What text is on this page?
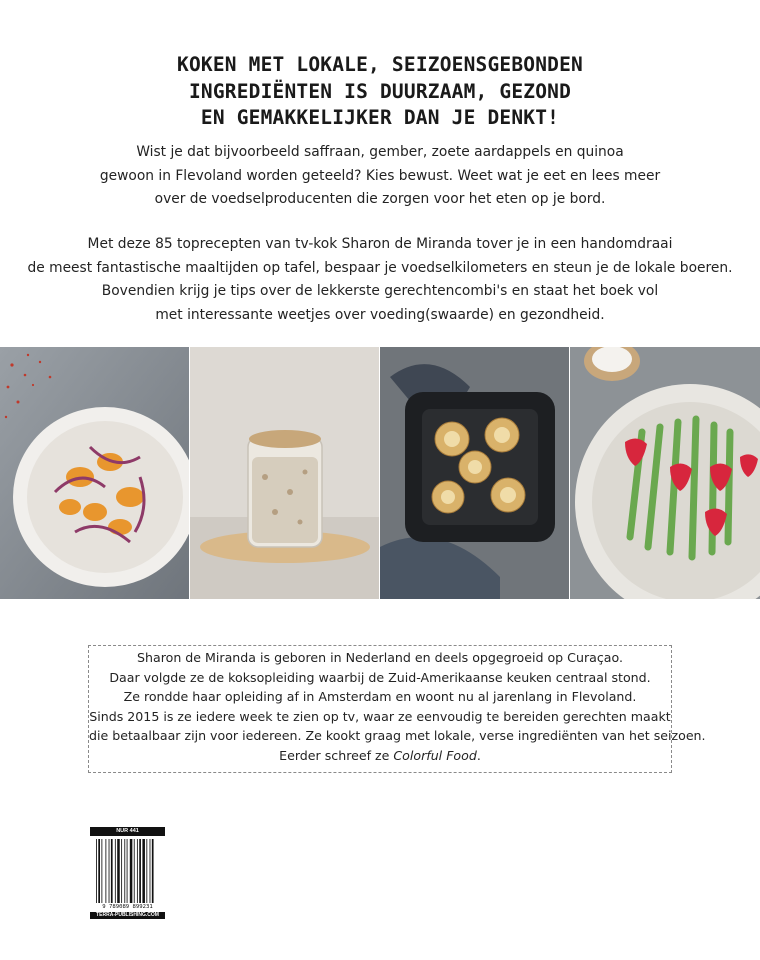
KOKEN MET LOKALE, SEIZOENSGEBONDEN
INGREDIËNTEN IS DUURZAAM, GEZOND
EN GEMAKKELIJKER DAN JE DENKT!
Wist je dat bijvoorbeeld saffraan, gember, zoete aardappels en quinoa
gewoon in Flevoland worden geteeld? Kies bewust. Weet wat je eet en lees meer
over de voedselproducenten die zorgen voor het eten op je bord.
Met deze 85 toprecepten van tv-kok Sharon de Miranda tover je in een handomdraai
de meest fantastische maaltijden op tafel, bespaar je voedselkilometers en steun je de lokale boeren.
Bovendien krijg je tips over de lekkerste gerechtencombi's en staat het boek vol
met interessante weetjes over voeding(swaarde) en gezondheid.
Sharon de Miranda is geboren in Nederland en deels opgegroeid op Curaçao.
Daar volgde ze de koksopleiding waarbij de Zuid-Amerikaanse keuken centraal stond.
Ze rondde haar opleiding af in Amsterdam en woont nu al jarenlang in Flevoland.
Sinds 2015 is ze iedere week te zien op tv, waar ze eenvoudig te bereiden gerechten maakt
die betaalbaar zijn voor iedereen. Ze kookt graag met lokale, verse ingrediënten van het seizoen.
Eerder schreef ze Colorful Food.
NUR 441
9 789089 899231
TERRA-PUBLISHING.COM
